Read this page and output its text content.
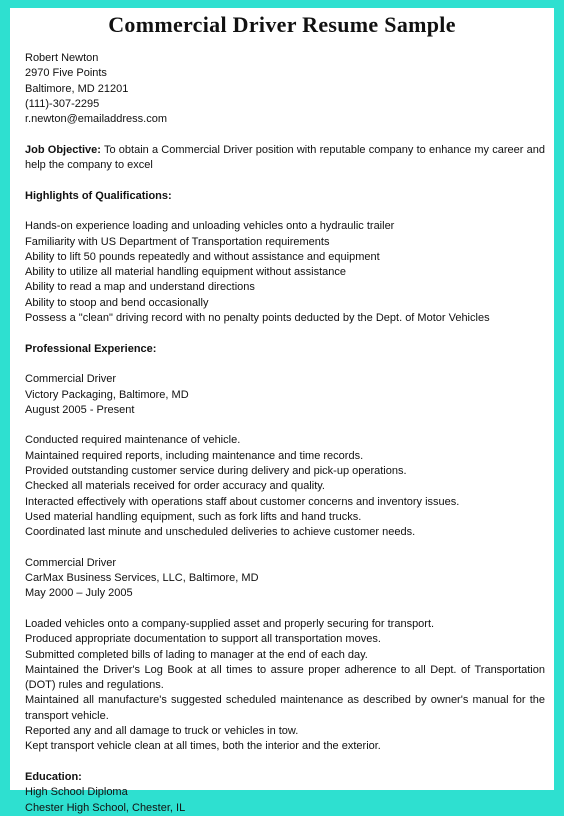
Commercial Driver Resume Sample

Robert Newton

2970 Five Points

Baltimore, MD 21201

(111)-307-2295

r.newton@emailaddress.com

Job Objective: To obtain a Commercial Driver position with reputable company to enhance my career and help the company to excel

Highlights of Qualifications:

Hands-on experience loading and unloading vehicles onto a hydraulic trailer

Familiarity with US Department of Transportation requirements

Ability to lift 50 pounds repeatedly and without assistance and equipment

Ability to utilize all material handling equipment without assistance

Ability to read a map and understand directions

Ability to stoop and bend occasionally

Possess a "clean" driving record with no penalty points deducted by the Dept. of Motor Vehicles

Professional Experience:

Commercial Driver

Victory Packaging, Baltimore, MD

August 2005 - Present

Conducted required maintenance of vehicle.

Maintained required reports, including maintenance and time records.

Provided outstanding customer service during delivery and pick-up operations.

Checked all materials received for order accuracy and quality.

Interacted effectively with operations staff about customer concerns and inventory issues.

Used material handling equipment, such as fork lifts and hand trucks.

Coordinated last minute and unscheduled deliveries to achieve customer needs.

Commercial Driver

CarMax Business Services, LLC, Baltimore, MD

May 2000 – July 2005

Loaded vehicles onto a company-supplied asset and properly securing for transport.

Produced appropriate documentation to support all transportation moves.

Submitted completed bills of lading to manager at the end of each day.

Maintained the Driver's Log Book at all times to assure proper adherence to all Dept. of Transportation (DOT) rules and regulations.

Maintained all manufacture's suggested scheduled maintenance as described by owner's manual for the transport vehicle.

Reported any and all damage to truck or vehicles in tow.

Kept transport vehicle clean at all times, both the interior and the exterior.

Education:

High School Diploma

Chester High School, Chester, IL
